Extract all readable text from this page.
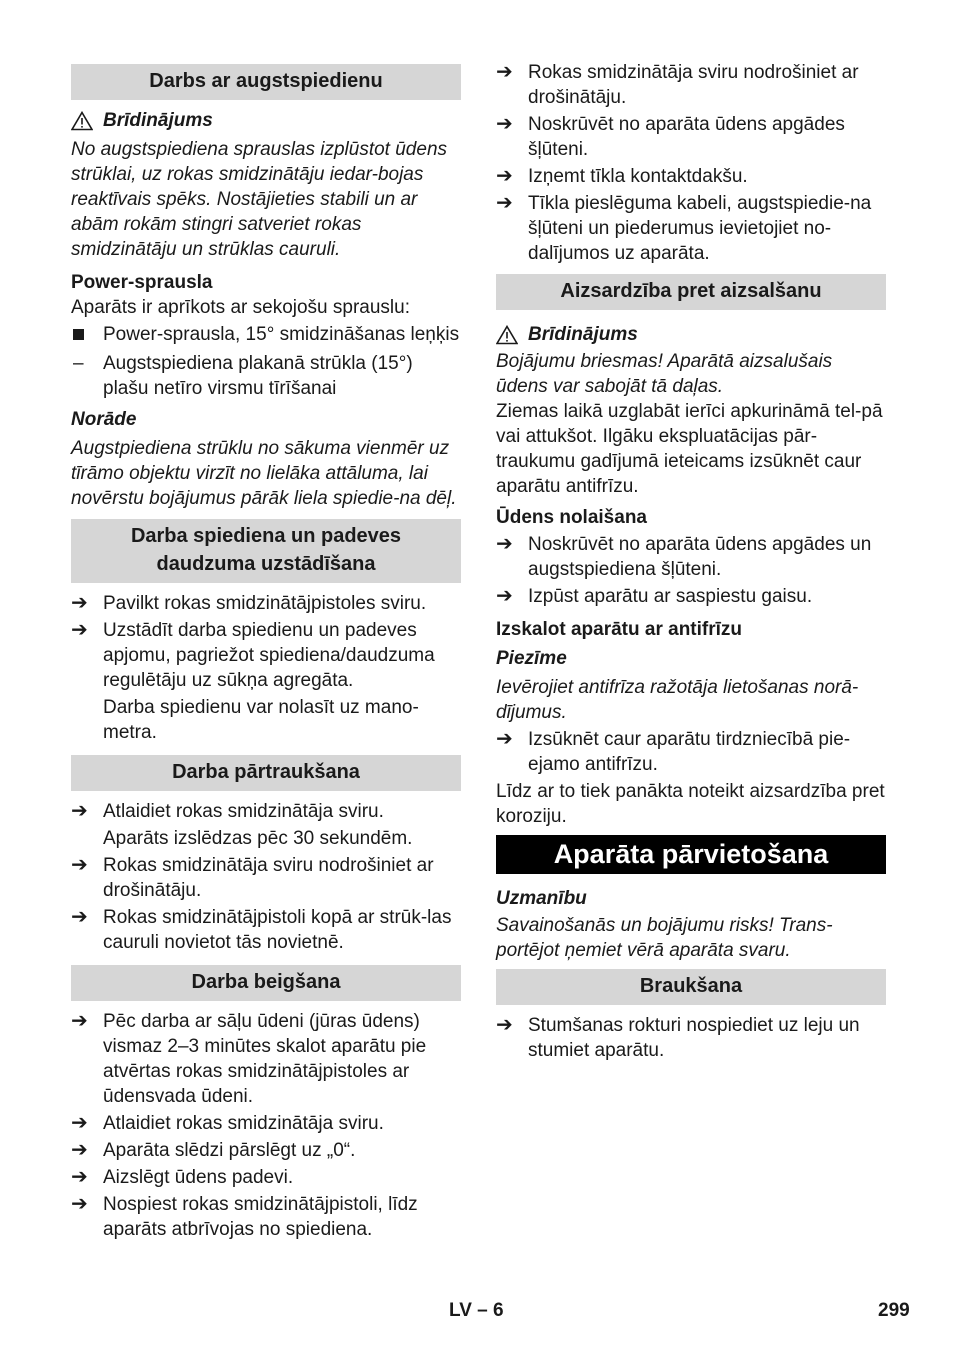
Darbs ar augstspiedienu
Brīdinājums

No augstspiediena sprauslas izplūstot ūdens strūklai, uz rokas smidzinātāju iedar-bojas reaktīvais spēks. Nostājieties stabili un ar abām rokām stingri satveriet rokas smidzinātāju un strūklas cauruli.

Power-sprausla

Aparāts ir aprīkots ar sekojošu sprauslu:

Power-sprausla, 15° smidzināšanas leņķis
– Augstspiediena plakanā strūkla (15°) plašu netīro virsmu tīrīšanai
Norāde

Augstpiediena strūklu no sākuma vienmēr uz tīrāmo objektu virzīt no lielāka attāluma, lai novērstu bojājumus pārāk liela spiedie-na dēļ.

Darba spiediena un padeves daudzuma uzstādīšana
➔ Pavilkt rokas smidzinātājpistoles sviru.
➔ Uzstādīt darba spiedienu un padeves apjomu, pagriežot spiediena/daudzuma regulētāju uz sūkņa agregāta.
Darba spiedienu var nolasīt uz mano-metra.
Darba pārtraukšana
➔ Atlaidiet rokas smidzinātāja sviru.
Aparāts izslēdzas pēc 30 sekundēm.
➔ Rokas smidzinātāja sviru nodrošiniet ar drošinātāju.
➔ Rokas smidzinātājpistoli kopā ar strūk-las cauruli novietot tās novietnē.
Darba beigšana
➔ Pēc darba ar sāļu ūdeni (jūras ūdens) vismaz 2–3 minūtes skalot aparātu pie atvērtas rokas smidzinātājpistoles ar ūdensvada ūdeni.
➔ Atlaidiet rokas smidzinātāja sviru.
➔ Aparāta slēdzi pārslēgt uz „0“.
➔ Aizslēgt ūdens padevi.
➔ Nospiest rokas smidzinātājpistoli, līdz aparāts atbrīvojas no spiediena.
➔ Rokas smidzinātāja sviru nodrošiniet ar drošinātāju.
➔ Noskrūvēt no aparāta ūdens apgādes šļūteni.
➔ Izņemt tīkla kontaktdakšu.
➔ Tīkla pieslēguma kabeli, augstspiedie-na šļūteni un piederumus ievietojiet no-dalījumos uz aparāta.
Aizsardzība pret aizsalšanu
Brīdinājums

Bojājumu briesmas! Aparātā aizsalušais ūdens var sabojāt tā daļas.

Ziemas laikā uzglabāt ierīci apkurināmā tel-pā vai attukšot. Ilgāku ekspluatācijas pār-traukumu gadījumā ieteicams izsūknēt caur aparātu antifrīzu.

Ūdens nolaišana
➔ Noskrūvēt no aparāta ūdens apgādes un augstspiediena šļūteni.
➔ Izpūst aparātu ar saspiestu gaisu.
Izskalot aparātu ar antifrīzu
Piezīme

Ievērojiet antifrīza ražotāja lietošanas norā-dījumus.

➔ Izsūknēt caur aparātu tirdzniecībā pie-ejamo antifrīzu.

Līdz ar to tiek panākta noteikt aizsardzība pret koroziju.

Aparāta pārvietošana
Uzmanību

Savainošanās un bojājumu risks! Trans-portējot ņemiet vērā aparāta svaru.

Braukšana
➔ Stumšanas rokturi nospiediet uz leju un stumiet aparātu.
LV – 6	299
